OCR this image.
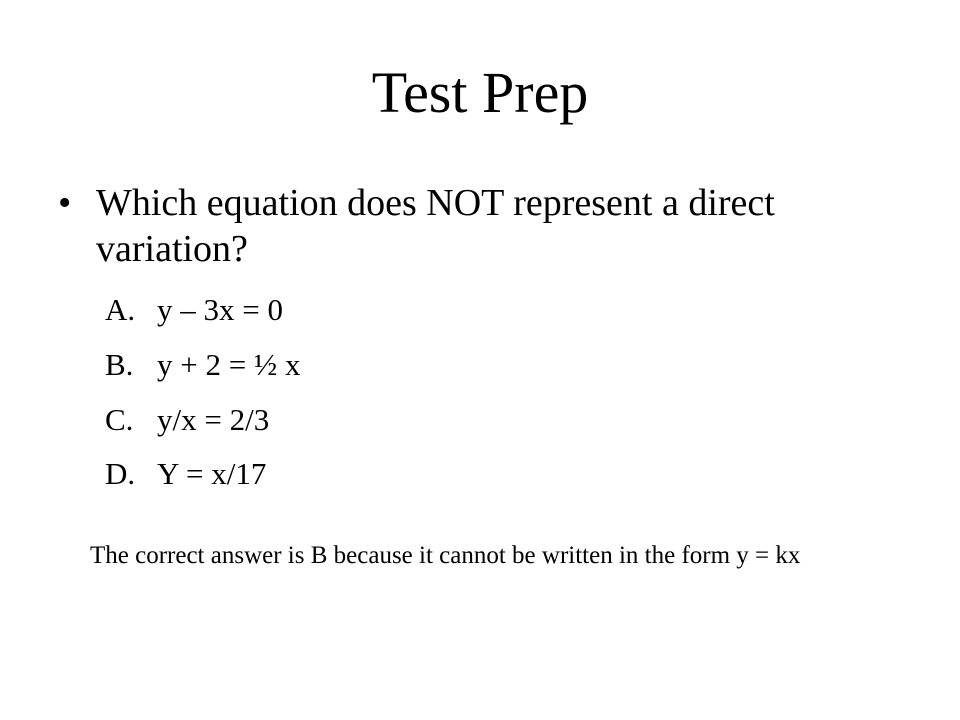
Test Prep
• Which equation does NOT represent a direct variation?
A. y – 3x = 0
B. y + 2 = ½ x
C. y/x = 2/3
D. Y = x/17
The correct answer is B because it cannot be written in the form y = kx
